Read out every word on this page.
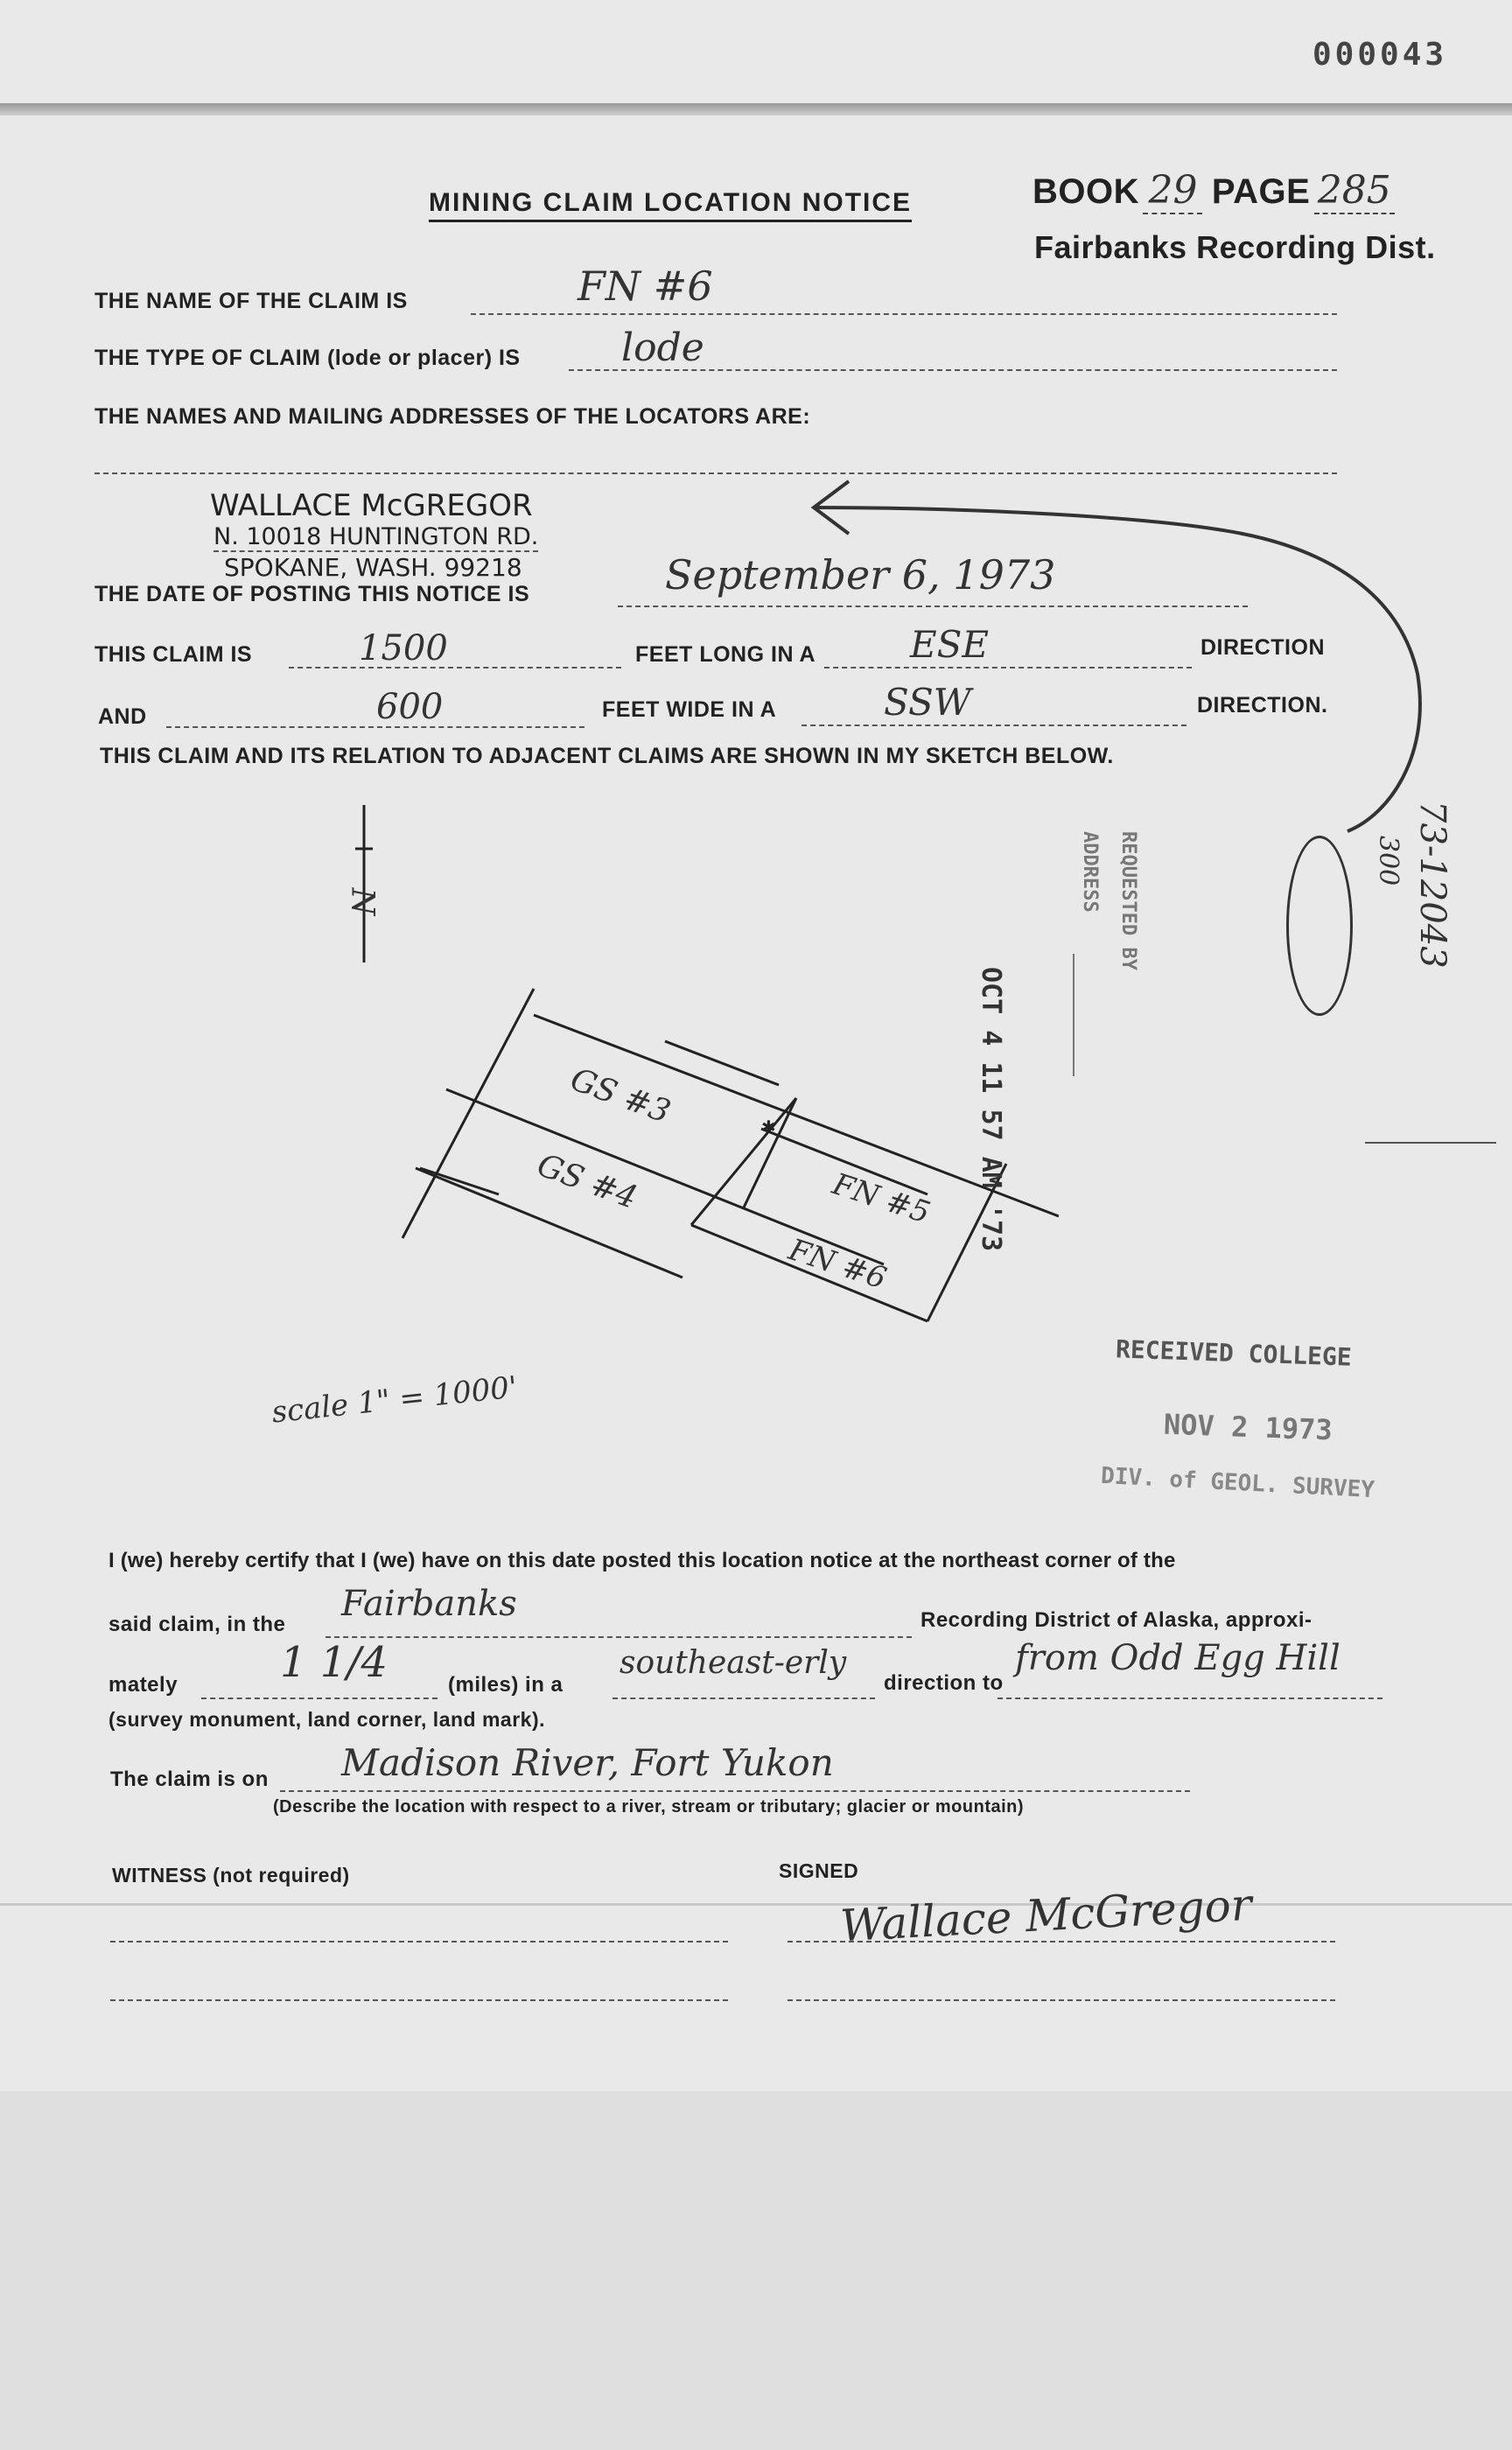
000043
MINING CLAIM LOCATION NOTICE	BOOK 29 PAGE 285
Fairbanks Recording Dist.
THE NAME OF THE CLAIM IS	FN #6
THE TYPE OF CLAIM (lode or placer) IS	lode
THE NAMES AND MAILING ADDRESSES OF THE LOCATORS ARE:
WALLACE McGREGOR
N. 10018 HUNTINGTON RD.
SPOKANE, WASH. 99218
THE DATE OF POSTING THIS NOTICE IS	September 6, 1973
THIS CLAIM IS	1500	FEET LONG IN A	ESE	DIRECTION
AND	600	FEET WIDE IN A	SSW	DIRECTION.
THIS CLAIM AND ITS RELATION TO ADJACENT CLAIMS ARE SHOWN IN MY SKETCH BELOW.
N
✱
GS #3
GS #4	FN #5
FN #6
scale 1" = 1000'
OCT 4 11 57 AM '73
REQUESTED BY
ADDRESS	73-12043
300
RECEIVED COLLEGE
NOV 2 1973
DIV. of GEOL. SURVEY
I (we) hereby certify that I (we) have on this date posted this location notice at the northeast corner of the
said claim, in the
Fairbanks	Recording District of Alaska, approxi-
mately 1 1/4	(miles) in a
southeast-erly
direction to
from Odd Egg Hill
(survey monument, land corner, land mark).
The claim is on Madison River, Fort Yukon
(Describe the location with respect to a river, stream or tributary; glacier or mountain)
WITNESS (not required)	SIGNED
Wallace McGregor
